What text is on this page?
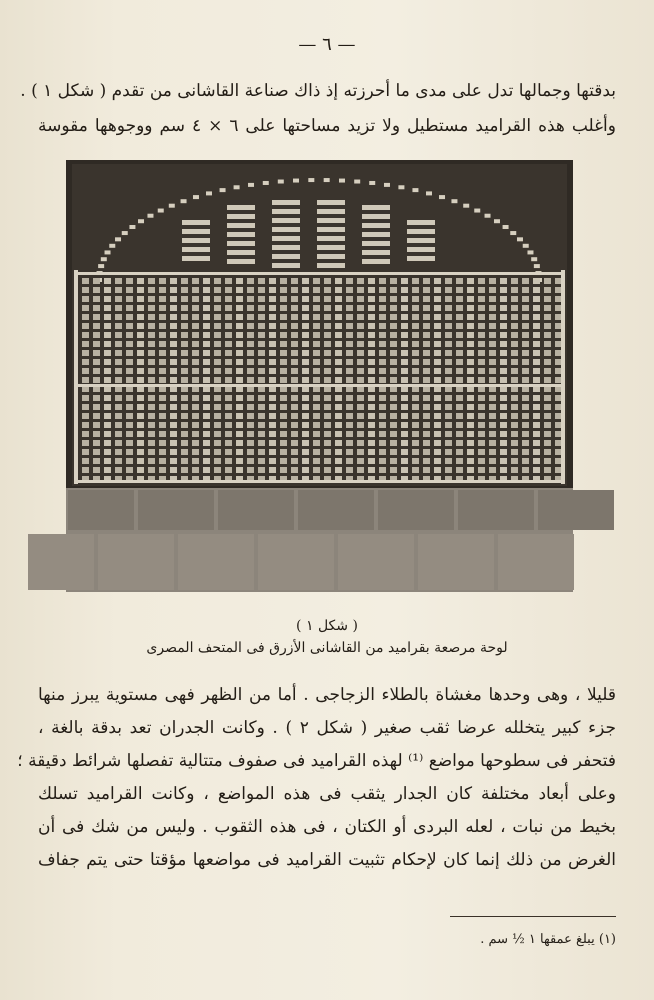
— ٦ —
بدقتها وجمالها تدل على مدى ما أحرزته إذ ذاك صناعة القاشانى من تقدم ( شكل ١ ) .
وأغلب هذه القراميد مستطيل ولا تزيد مساحتها على ٦ × ٤ سم ووجوهها مقوسة
( شكل ١ )
لوحة مرصعة بقراميد من القاشانى الأزرق فى المتحف المصرى
قليلا ، وهى وحدها مغشاة بالطلاء الزجاجى . أما من الظهر فهى مستوية يبرز منها
جزء كبير يتخلله عرضا ثقب صغير ( شكل ٢ ) . وكانت الجدران تعد بدقة بالغة ،
فتحفر فى سطوحها مواضع ⁽¹⁾ لهذه القراميد فى صفوف متتالية تفصلها شرائط دقيقة ؛
وعلى أبعاد مختلفة كان الجدار يثقب فى هذه المواضع ، وكانت القراميد تسلك
بخيط من نبات ، لعله البردى أو الكتان ، فى هذه الثقوب . وليس من شك فى أن
الغرض من ذلك إنما كان لإحكام تثبيت القراميد فى مواضعها مؤقتا حتى يتم جفاف
(١) يبلغ عمقها ١ ½ سم .
